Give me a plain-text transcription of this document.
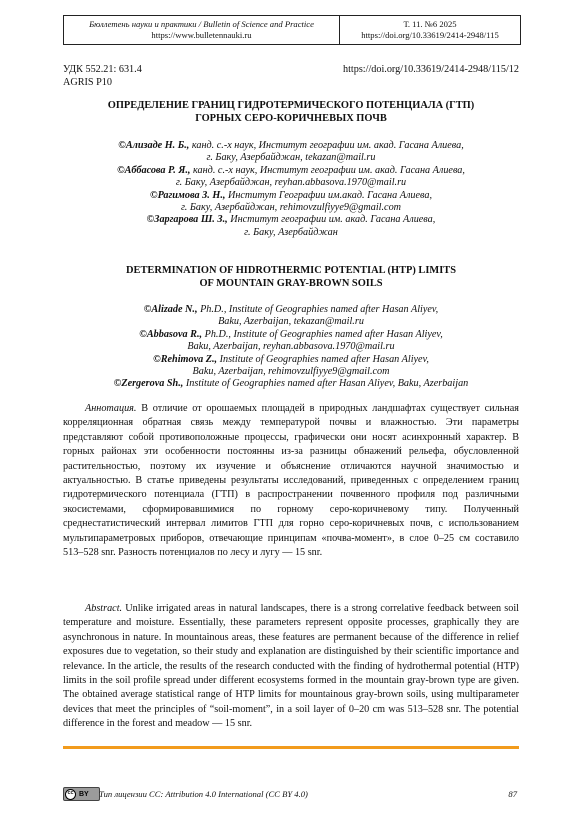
Бюллетень науки и практики / Bulletin of Science and Practice
https://www.bulletennauki.ru
Т. 11. №6 2025
https://doi.org/10.33619/2414-2948/115
УДК 552.21: 631.4
AGRIS P10
https://doi.org/10.33619/2414-2948/115/12
ОПРЕДЕЛЕНИЕ ГРАНИЦ ГИДРОТЕРМИЧЕСКОГО ПОТЕНЦИАЛА (ГТП)
ГОРНЫХ СЕРО-КОРИЧНЕВЫХ ПОЧВ
©Ализаде Н. Б., канд. с.-х наук, Институт географии им. акад. Гасана Алиева,
г. Баку, Азербайджан, tekazan@mail.ru
©Аббасова Р. Я., канд. с.-х наук, Институт географии им. акад. Гасана Алиева,
г. Баку, Азербайджан, reyhan.abbasova.1970@mail.ru
©Рагимова З. Н., Институт Географии им.акад. Гасана Алиева,
г. Баку, Азербайджан, rehimovzulfiyye9@gmail.com
©Заргарова Ш. З., Институт географии им. акад. Гасана Алиева,
г. Баку, Азербайджан
DETERMINATION OF HIDROTHERMIC POTENTIAL (HTP) LIMITS
OF MOUNTAIN GRAY-BROWN SOILS
©Alizade N., Ph.D., Institute of Geographies named after Hasan Aliyev,
Baku, Azerbaijan, tekazan@mail.ru
©Abbasova R., Ph.D., Institute of Geographies named after Hasan Aliyev,
Baku, Azerbaijan, reyhan.abbasova.1970@mail.ru
©Rehimova Z., Institute of Geographies named after Hasan Aliyev,
Baku, Azerbaijan, rehimovzulfiyye9@gmail.com
©Zergerova Sh., Institute of Geographies named after Hasan Aliyev, Baku, Azerbaijan

Аннотация. В отличие от орошаемых площадей в природных ландшафтах существует сильная корреляционная обратная связь между температурой почвы и влажностью. Эти параметры представляют собой противоположные процессы, графически они носят асинхронный характер. В горных районах эти особенности постоянны из-за разницы обнажений рельефа, обусловленной растительностью, поэтому их изучение и объяснение отличаются научной значимостью и актуальностью. В статье приведены результаты исследований, приведенных с определением границ гидротермического потенциала (ГТП) в распространении почвенного профиля под различными экосистемами, сформировавшимися по горному серо-коричневому типу. Полученный среднестатистический интервал лимитов ГТП для горно серо-коричневых почв, с использованием мультипараметровых приборов, отвечающие принципам «почва-момент», в слое 0–25 см составило 513–528 snr. Разность потенциалов по лесу и лугу — 15 snr.

Abstract. Unlike irrigated areas in natural landscapes, there is a strong correlative feedback between soil temperature and moisture. Essentially, these parameters represent opposite processes, graphically they are asynchronous in nature. In mountainous areas, these features are permanent because of the difference in relief exposures due to vegetation, so their study and explanation are distinguished by their scientific importance and relevance. In the article, the results of the research conducted with the finding of hydrothermal potential (HTP) limits in the soil profile spread under different ecosystems formed in the mountain gray-brown type are given. The obtained average statistical range of HTP limits for mountainous gray-brown soils, using multiparameter devices that meet the principles of “soil-moment”, in a soil layer of 0–20 cm was 513–528 snr. The potential difference in the forest and meadow — 15 snr.

cc BY Тип лицензии CC: Attribution 4.0 International (CC BY 4.0)	87
